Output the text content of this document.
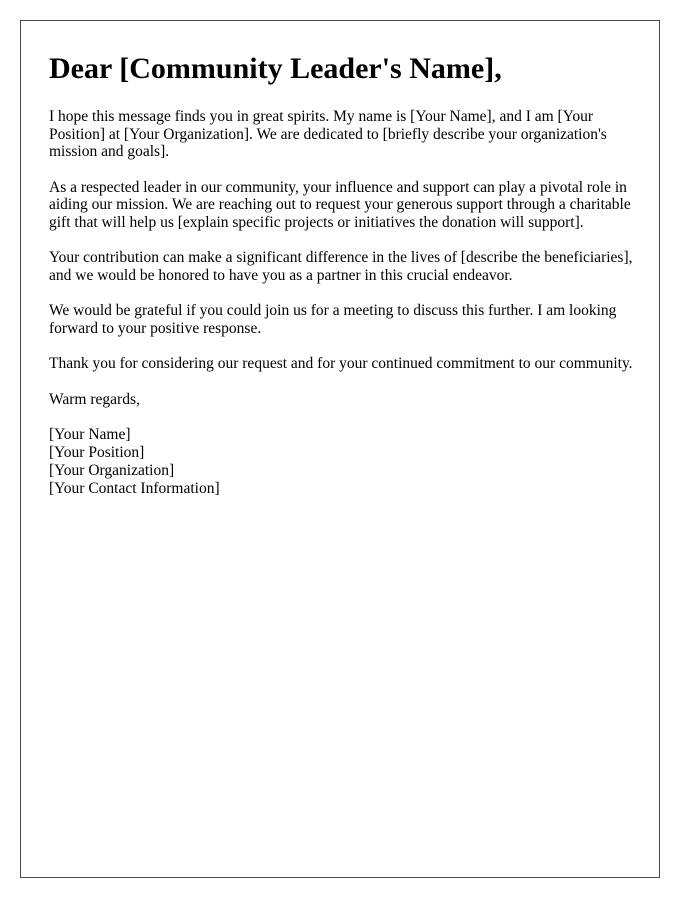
Dear [Community Leader's Name],

I hope this message finds you in great spirits. My name is [Your Name], and I am [Your Position] at [Your Organization]. We are dedicated to [briefly describe your organization's mission and goals].

As a respected leader in our community, your influence and support can play a pivotal role in aiding our mission. We are reaching out to request your generous support through a charitable gift that will help us [explain specific projects or initiatives the donation will support].

Your contribution can make a significant difference in the lives of [describe the beneficiaries], and we would be honored to have you as a partner in this crucial endeavor.

We would be grateful if you could join us for a meeting to discuss this further. I am looking forward to your positive response.

Thank you for considering our request and for your continued commitment to our community.

Warm regards,

[Your Name]
[Your Position]
[Your Organization]
[Your Contact Information]
